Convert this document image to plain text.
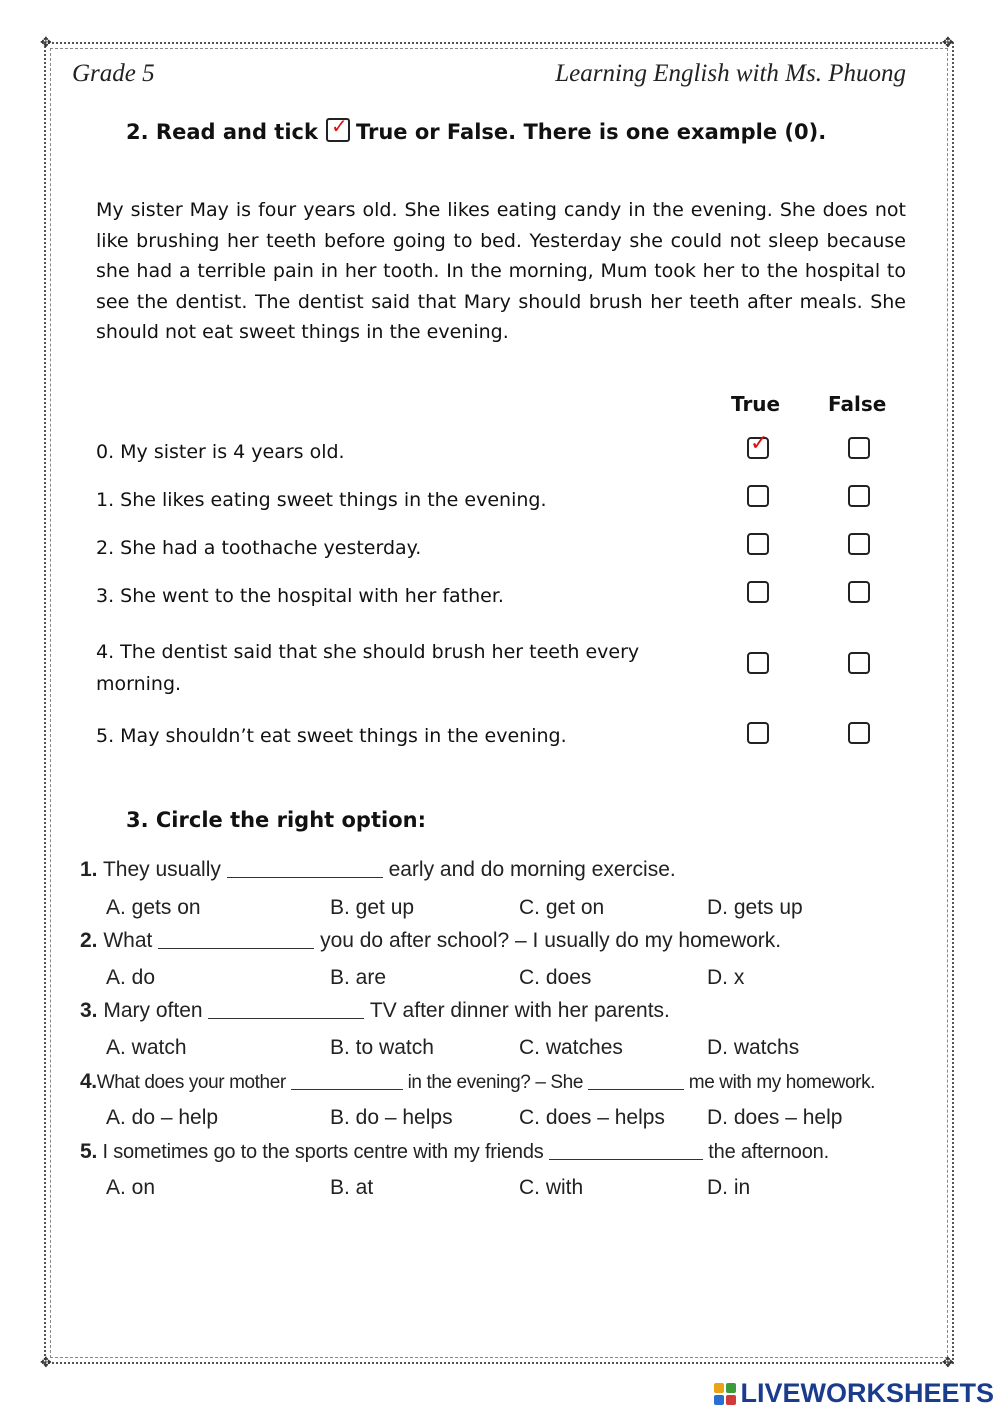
✥	✥
✥	✥
Grade 5	Learning English with Ms. Phuong
2. Read and tick ✓ True or False. There is one example (0).
My sister May is four years old. She likes eating candy in the evening. She does not like brushing her teeth before going to bed. Yesterday she could not sleep because she had a terrible pain in her tooth. In the morning, Mum took her to the hospital to see the dentist. The dentist said that Mary should brush her teeth after meals. She should not eat sweet things in the evening.
True False
0. My sister is 4 years old.	✓
1. She likes eating sweet things in the evening.
2. She had a toothache yesterday.
3. She went to the hospital with her father.
4. The dentist said that she should brush her teeth every morning.
5. May shouldn’t eat sweet things in the evening.
3. Circle the right option:
1. They usually	early and do morning exercise.
A. gets on	B. get up	C. get on	D. gets up
2. What	you do after school? – I usually do my homework.
A. do	B. are	C. does	D. x
3. Mary often	TV after dinner with her parents.
A. watch	B. to watch	C. watches	D. watchs
4.What does your mother	in the evening? – She	me with my homework.
A. do – help	B. do – helps	C. does – helps D. does – help
5. I sometimes go to the sports centre with my friends	the afternoon.
A. on	B. at	C. with	D. in
LIVEWORKSHEETS
